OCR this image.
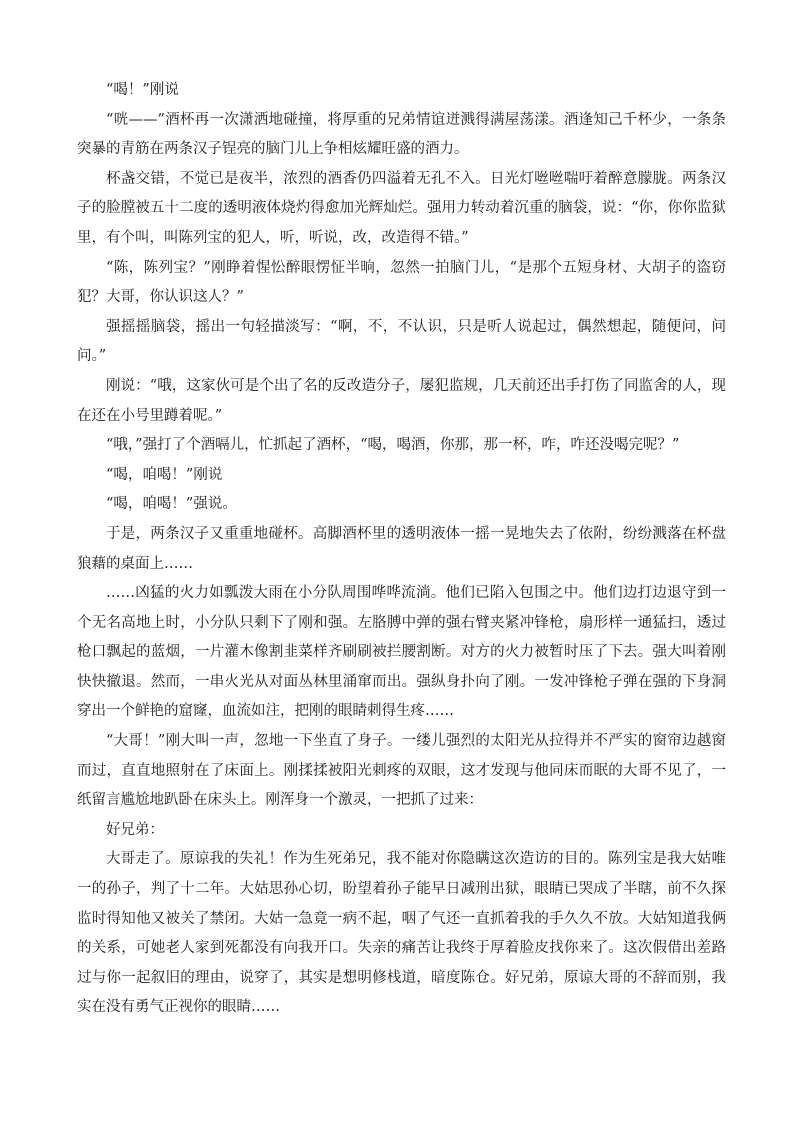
“喝！”刚说

“咣——”酒杯再一次潇洒地碰撞，将厚重的兄弟情谊迸溅得满屋荡漾。酒逢知己千杯少，一条条突暴的青筋在两条汉子锃亮的脑门儿上争相炫耀旺盛的酒力。

杯盏交错，不觉已是夜半，浓烈的酒香仍四溢着无孔不入。日光灯咝咝喘吁着醉意朦胧。两条汉子的脸膛被五十二度的透明液体烧灼得愈加光辉灿烂。强用力转动着沉重的脑袋，说：“你，你你监狱里，有个叫，叫陈列宝的犯人，听，听说，改，改造得不错。”

“陈，陈列宝？”刚睁着惺忪醉眼愣怔半晌，忽然一拍脑门儿，“是那个五短身材、大胡子的盗窃犯？大哥，你认识这人？”

强摇摇脑袋，摇出一句轻描淡写：“啊，不，不认识，只是听人说起过，偶然想起，随便问，问问。”

刚说：“哦，这家伙可是个出了名的反改造分子，屡犯监规，几天前还出手打伤了同监舍的人，现在还在小号里蹲着呢。”

“哦，”强打了个酒嗝儿，忙抓起了酒杯，“喝，喝酒，你那，那一杯，咋，咋还没喝完呢？”

“喝，咱喝！”刚说

“喝，咱喝！”强说。

于是，两条汉子又重重地碰杯。高脚酒杯里的透明液体一摇一晃地失去了依附，纷纷溅落在杯盘狼藉的桌面上……

……凶猛的火力如瓢泼大雨在小分队周围哗哗流淌。他们已陷入包围之中。他们边打边退守到一个无名高地上时，小分队只剩下了刚和强。左胳膊中弹的强右臂夹紧冲锋枪，扇形样一通猛扫，透过枪口飘起的蓝烟，一片灌木像割韭菜样齐刷刷被拦腰割断。对方的火力被暂时压了下去。强大叫着刚快快撤退。然而，一串火光从对面丛林里涌窜而出。强纵身扑向了刚。一发冲锋枪子弹在强的下身洞穿出一个鲜艳的窟窿，血流如注，把刚的眼睛刺得生疼……

“大哥！”刚大叫一声，忽地一下坐直了身子。一缕儿强烈的太阳光从拉得并不严实的窗帘边越窗而过，直直地照射在了床面上。刚揉揉被阳光刺疼的双眼，这才发现与他同床而眠的大哥不见了，一纸留言尴尬地趴卧在床头上。刚浑身一个激灵，一把抓了过来：

好兄弟：

大哥走了。原谅我的失礼！作为生死弟兄，我不能对你隐瞒这次造访的目的。陈列宝是我大姑唯一的孙子，判了十二年。大姑思孙心切，盼望着孙子能早日减刑出狱，眼睛已哭成了半瞎，前不久探监时得知他又被关了禁闭。大姑一急竟一病不起，咽了气还一直抓着我的手久久不放。大姑知道我俩的关系，可她老人家到死都没有向我开口。失亲的痛苦让我终于厚着脸皮找你来了。这次假借出差路过与你一起叙旧的理由，说穿了，其实是想明修栈道，暗度陈仓。好兄弟，原谅大哥的不辞而别，我实在没有勇气正视你的眼睛……
